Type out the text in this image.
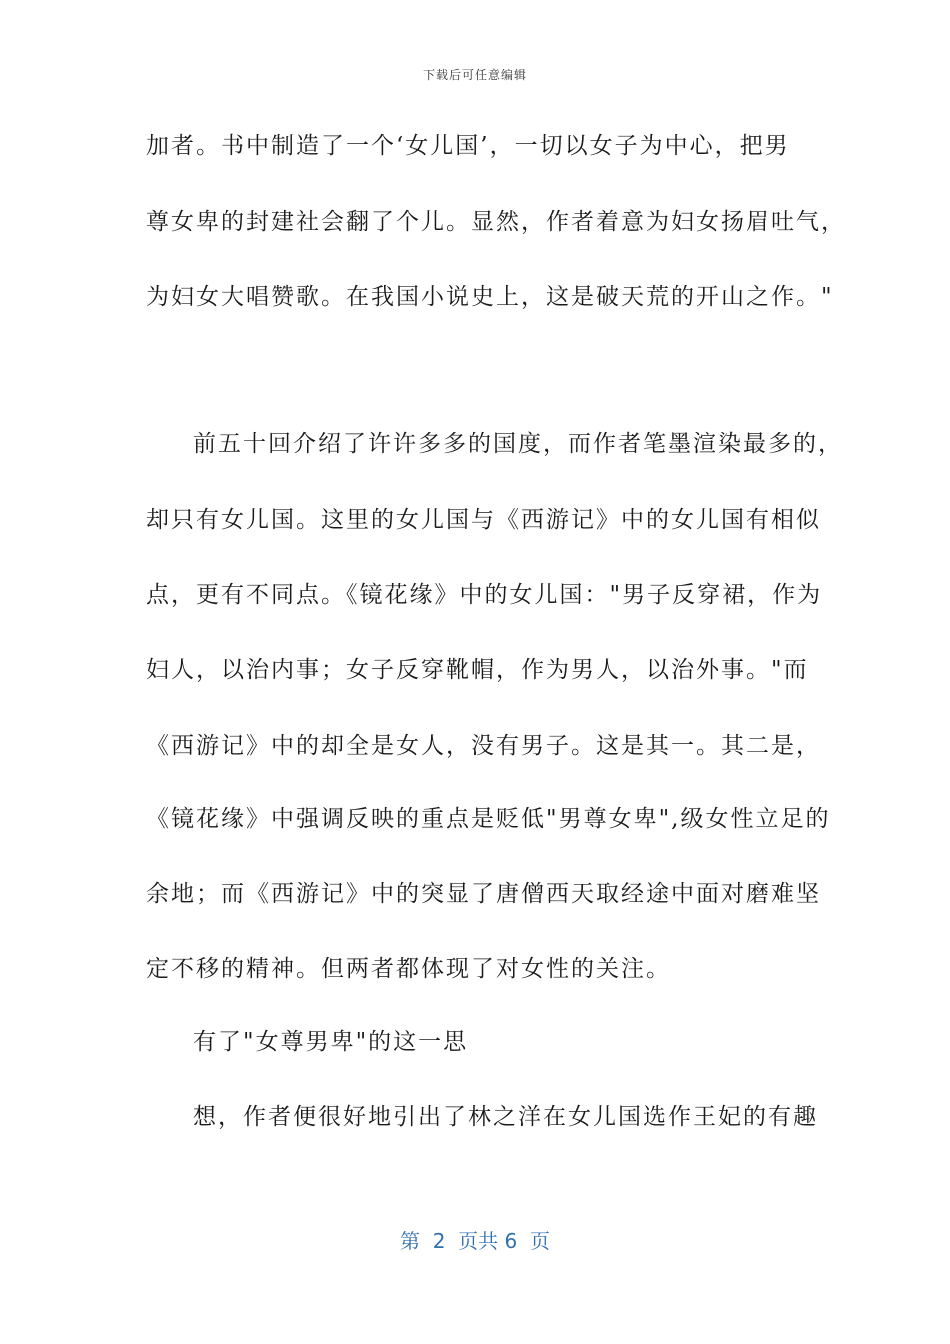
下载后可任意编辑
加者。书中制造了一个‘女儿国’，一切以女子为中心，把男
尊女卑的封建社会翻了个儿。显然，作者着意为妇女扬眉吐气，
为妇女大唱赞歌。在我国小说史上，这是破天荒的开山之作。"
前五十回介绍了许许多多的国度，而作者笔墨渲染最多的，
却只有女儿国。这里的女儿国与《西游记》中的女儿国有相似
点，更有不同点。《镜花缘》中的女儿国："男子反穿裙，作为
妇人，以治内事；女子反穿靴帽，作为男人，以治外事。"而
《西游记》中的却全是女人，没有男子。这是其一。其二是，
《镜花缘》中强调反映的重点是贬低"男尊女卑",级女性立足的
余地；而《西游记》中的突显了唐僧西天取经途中面对磨难坚
定不移的精神。但两者都体现了对女性的关注。
有了"女尊男卑"的这一思
想，作者便很好地引出了林之洋在女儿国选作王妃的有趣
第  2  页共 6  页
